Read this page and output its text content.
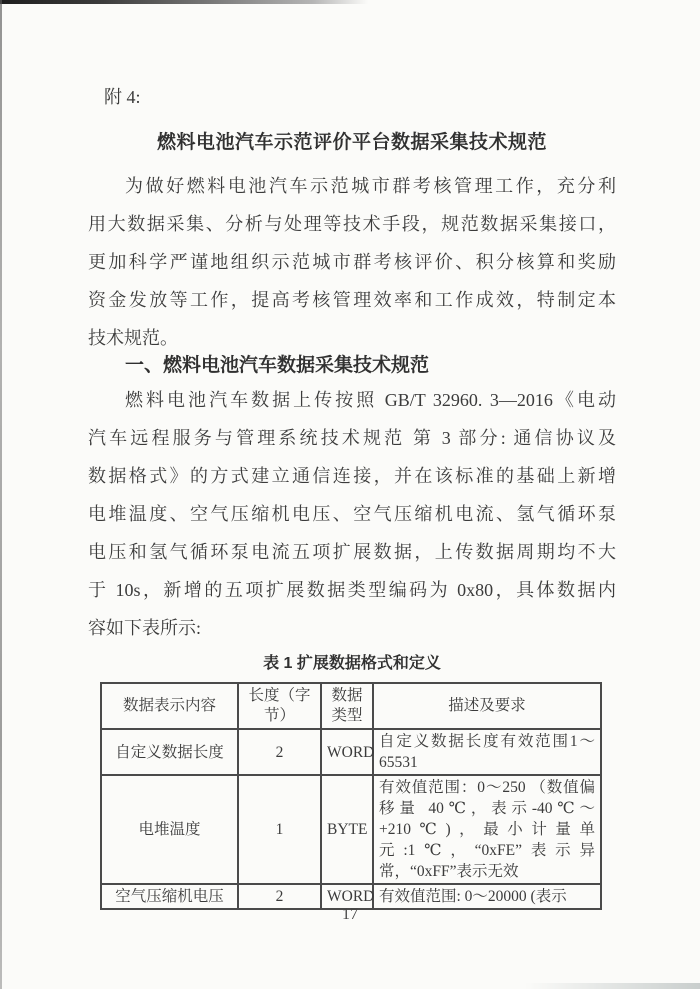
附 4:
燃料电池汽车示范评价平台数据采集技术规范
为做好燃料电池汽车示范城市群考核管理工作，充分利
用大数据采集、分析与处理等技术手段，规范数据采集接口，
更加科学严谨地组织示范城市群考核评价、积分核算和奖励
资金发放等工作，提高考核管理效率和工作成效，特制定本
技术规范。
一、燃料电池汽车数据采集技术规范
燃料电池汽车数据上传按照 GB/T 32960. 3—2016《电动
汽车远程服务与管理系统技术规范 第 3 部分: 通信协议及
数据格式》的方式建立通信连接，并在该标准的基础上新增
电堆温度、空气压缩机电压、空气压缩机电流、氢气循环泵
电压和氢气循环泵电流五项扩展数据，上传数据周期均不大
于 10s，新增的五项扩展数据类型编码为 0x80，具体数据内
容如下表所示:
表 1 扩展数据格式和定义
数据表示内容	长度（字节）	数据类型	描述及要求
自定义数据长度	2	WORD	自定义数据长度有效范围1～65531
电堆温度	1	BYTE	有效值范围：0～250 （数值偏移量 40℃，表示-40℃～+210℃)，最小计量单元:1℃，“0xFE”表示异常，“0xFF”表示无效
空气压缩机电压	2	WORD	有效值范围: 0～20000 (表示
17
